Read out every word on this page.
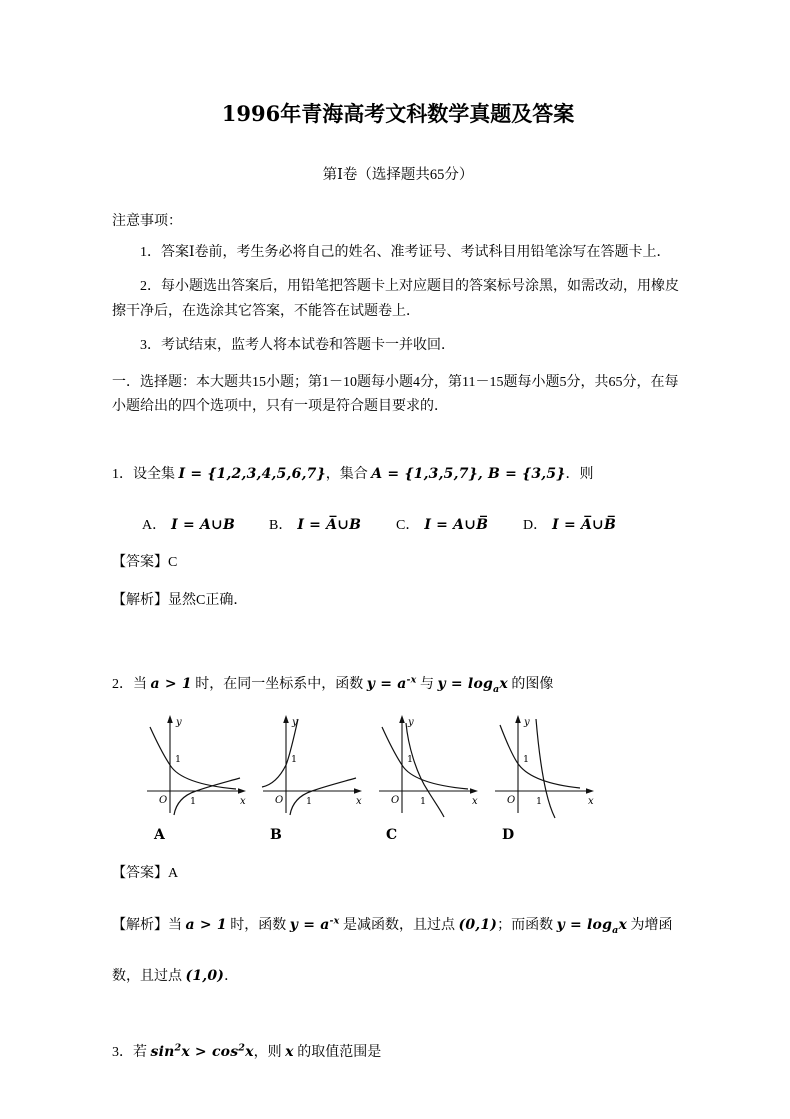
1996年青海高考文科数学真题及答案
第Ⅰ卷（选择题共65分）

注意事项：

1．答案Ⅰ卷前，考生务必将自己的姓名、准考证号、考试科目用铅笔涂写在答题卡上．

2．每小题选出答案后，用铅笔把答题卡上对应题目的答案标号涂黑，如需改动，用橡皮擦干净后，在选涂其它答案，不能答在试题卷上．

3．考试结束，监考人将本试卷和答题卡一并收回．

一．选择题：本大题共15小题；第1－10题每小题4分，第11－15题每小题5分，共65分，在每小题给出的四个选项中，只有一项是符合题目要求的．

1．设全集 I = {1,2,3,4,5,6,7}，集合 A = {1,3,5,7}, B = {3,5}．则

A． I = A∪B	B． I = A̅∪B	C． I = A∪B̅	D． I = A̅∪B̅

【答案】C

【解析】显然C正确．

2．当 a > 1 时，在同一坐标系中，函数 $y = a^{-x}$ 与 $y = \log_ax$ 的图像

y
x
O
1
1
A
y
x
O
1
1
B
y
x
O
1
1
C
y
x
O
1
1
D

【答案】A

【解析】当 a > 1 时，函数 $y = a^{-x}$ 是减函数，且过点 (0,1)；而函数 $y = \log_ax$ 为增函数，且过点 (1,0)．

3．若 $\sin^2x > \cos^2x$，则 x 的取值范围是
